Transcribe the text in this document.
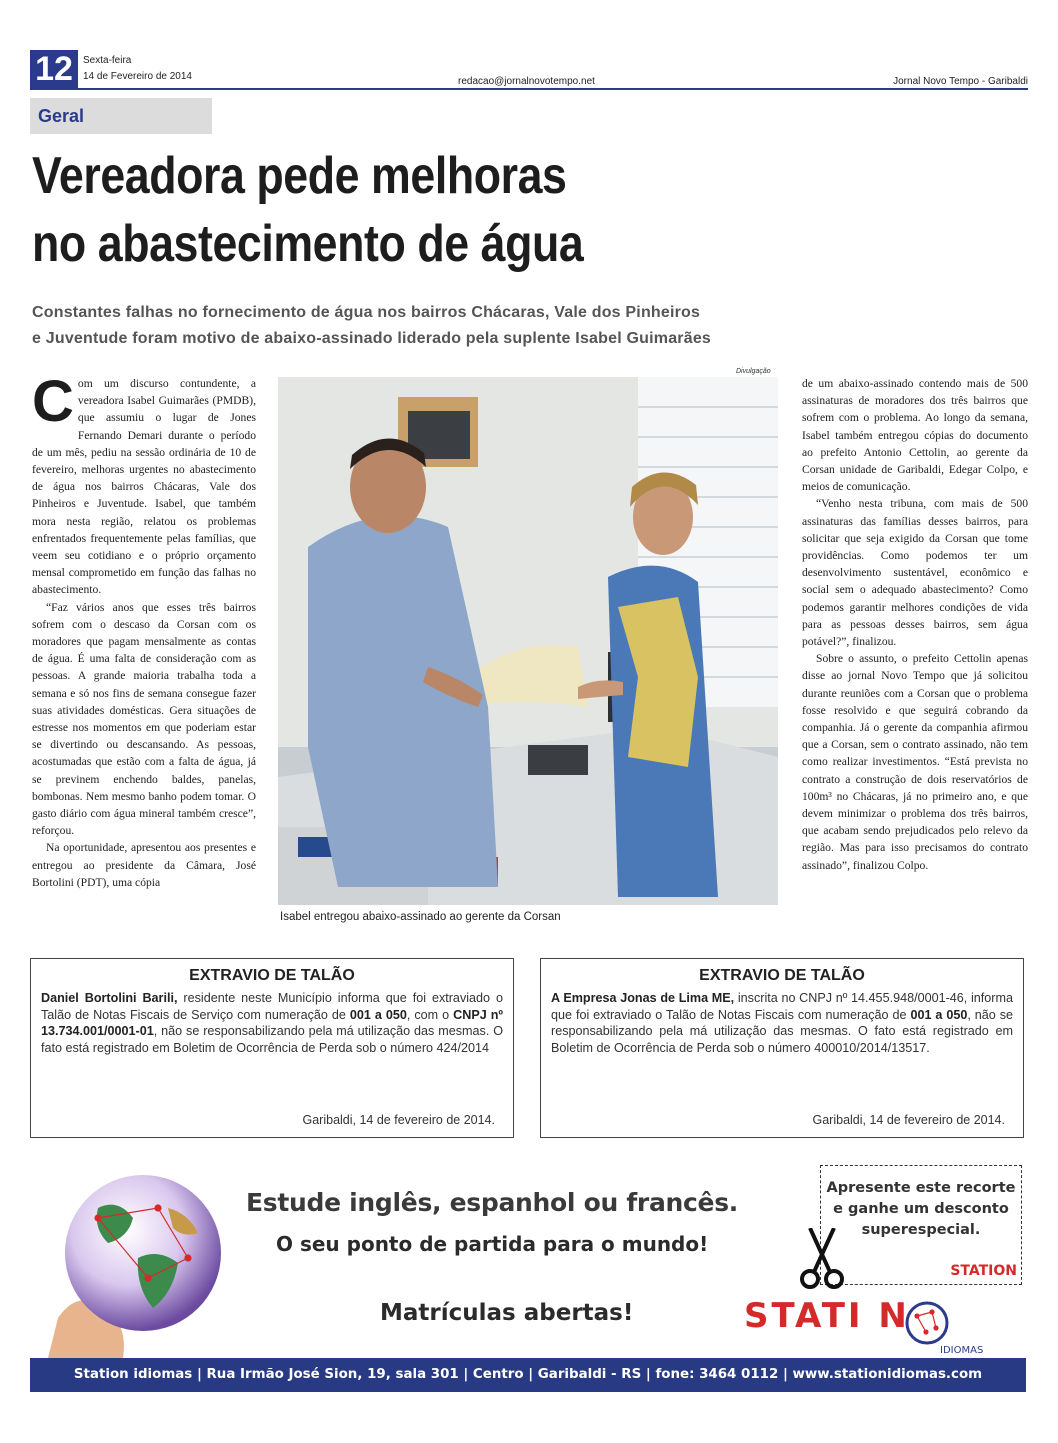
12	Sexta-feira
14 de Fevereiro de 2014	redacao@jornalnovotempo.net	Jornal Novo Tempo - Garibaldi
Geral
Vereadora pede melhoras
no abastecimento de água
Constantes falhas no fornecimento de água nos bairros Chácaras, Vale dos Pinheiros
e Juventude foram motivo de abaixo-assinado liderado pela suplente Isabel Guimarães

Com um discurso contundente, a vereadora Isabel Guimarães (PMDB), que assumiu o lugar de Jones Fernando Demari durante o período de um mês, pediu na sessão ordinária de 10 de fevereiro, melhoras urgentes no abastecimento de água nos bairros Chácaras, Vale dos Pinheiros e Juventude. Isabel, que também mora nesta região, relatou os problemas enfrentados frequentemente pelas famílias, que veem seu cotidiano e o próprio orçamento mensal comprometido em função das falhas no abastecimento.

“Faz vários anos que esses três bairros sofrem com o descaso da Corsan com os moradores que pagam mensalmente as contas de água. É uma falta de consideração com as pessoas. A grande maioria trabalha toda a semana e só nos fins de semana consegue fazer suas atividades domésticas. Gera situações de estresse nos momentos em que poderiam estar se divertindo ou descansando. As pessoas, acostumadas que estão com a falta de água, já se previnem enchendo baldes, panelas, bombonas. Nem mesmo banho podem tomar. O gasto diário com água mineral também cresce”, reforçou.

Na oportunidade, apresentou aos presentes e entregou ao presidente da Câmara, José Bortolini (PDT), uma cópia

Divulgação
Isabel entregou abaixo-assinado ao gerente da Corsan

de um abaixo-assinado contendo mais de 500 assinaturas de moradores dos três bairros que sofrem com o problema. Ao longo da semana, Isabel também entregou cópias do documento ao prefeito Antonio Cettolin, ao gerente da Corsan unidade de Garibaldi, Edegar Colpo, e meios de comunicação.

“Venho nesta tribuna, com mais de 500 assinaturas das famílias desses bairros, para solicitar que seja exigido da Corsan que tome providências. Como podemos ter um desenvolvimento sustentável, econômico e social sem o adequado abastecimento? Como podemos garantir melhores condições de vida para as pessoas desses bairros, sem água potável?”, finalizou.

Sobre o assunto, o prefeito Cettolin apenas disse ao jornal Novo Tempo que já solicitou durante reuniões com a Corsan que o problema fosse resolvido e que seguirá cobrando da companhia. Já o gerente da companhia afirmou que a Corsan, sem o contrato assinado, não tem como realizar investimentos. “Está prevista no contrato a construção de dois reservatórios de 100m³ no Chácaras, já no primeiro ano, e que devem minimizar o problema dos três bairros, que acabam sendo prejudicados pelo relevo da região. Mas para isso precisamos do contrato assinado”, finalizou Colpo.

EXTRAVIO DE TALÃO
Daniel Bortolini Barili, residente neste Município informa que foi extraviado o Talão de Notas Fiscais de Serviço com numeração de 001 a 050, com o CNPJ nº 13.734.001/0001-01, não se responsabilizando pela má utilização das mesmas. O fato está registrado em Boletim de Ocorrência de Perda sob o número 424/2014
Garibaldi, 14 de fevereiro de 2014.
EXTRAVIO DE TALÃO
A Empresa Jonas de Lima ME, inscrita no CNPJ nº 14.455.948/0001-46, informa que foi extraviado o Talão de Notas Fiscais com numeração de 001 a 050, não se responsabilizando pela má utilização das mesmas. O fato está registrado em Boletim de Ocorrência de Perda sob o número 400010/2014/13517.
Garibaldi, 14 de fevereiro de 2014.
Estude inglês, espanhol ou francês.
O seu ponto de partida para o mundo!
Matrículas abertas!
Apresente este recorte
e ganhe um desconto
superespecial.
STATION
STATI N
IDIOMAS
Station idiomas | Rua Irmão José Sion, 19, sala 301 | Centro | Garibaldi - RS | fone: 3464 0112 | www.stationidiomas.com
